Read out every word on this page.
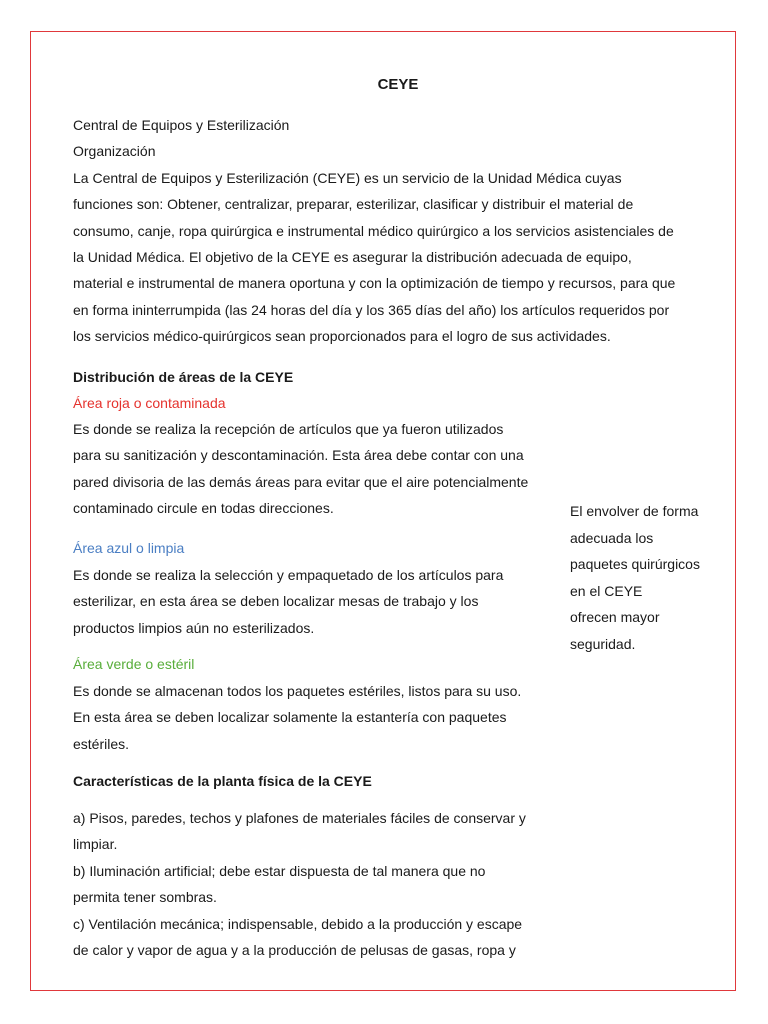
CEYE
Central de Equipos y Esterilización
Organización
La Central de Equipos y Esterilización (CEYE) es un servicio de la Unidad Médica cuyas
funciones son: Obtener, centralizar, preparar, esterilizar, clasificar y distribuir el material de
consumo, canje, ropa quirúrgica e instrumental médico quirúrgico a los servicios asistenciales de
la Unidad Médica. El objetivo de la CEYE es asegurar la distribución adecuada de equipo,
material e instrumental de manera oportuna y con la optimización de tiempo y recursos, para que
en forma ininterrumpida (las 24 horas del día y los 365 días del año) los artículos requeridos por
los servicios médico-quirúrgicos sean proporcionados para el logro de sus actividades.
Distribución de áreas de la CEYE
Área roja o contaminada
Es donde se realiza la recepción de artículos que ya fueron utilizados
para su sanitización y descontaminación. Esta área debe contar con una
pared divisoria de las demás áreas para evitar que el aire potencialmente
contaminado circule en todas direcciones.
Área azul o limpia
Es donde se realiza la selección y empaquetado de los artículos para
esterilizar, en esta área se deben localizar mesas de trabajo y los
productos limpios aún no esterilizados.
Área verde o estéril
Es donde se almacenan todos los paquetes estériles, listos para su uso.
En esta área se deben localizar solamente la estantería con paquetes
estériles.
El envolver de forma
adecuada los
paquetes quirúrgicos
en el CEYE
ofrecen mayor
seguridad.
Características de la planta física de la CEYE
a) Pisos, paredes, techos y plafones de materiales fáciles de conservar y
limpiar.
b) Iluminación artificial; debe estar dispuesta de tal manera que no
permita tener sombras.
c) Ventilación mecánica; indispensable, debido a la producción y escape
de calor y vapor de agua y a la producción de pelusas de gasas, ropa y
